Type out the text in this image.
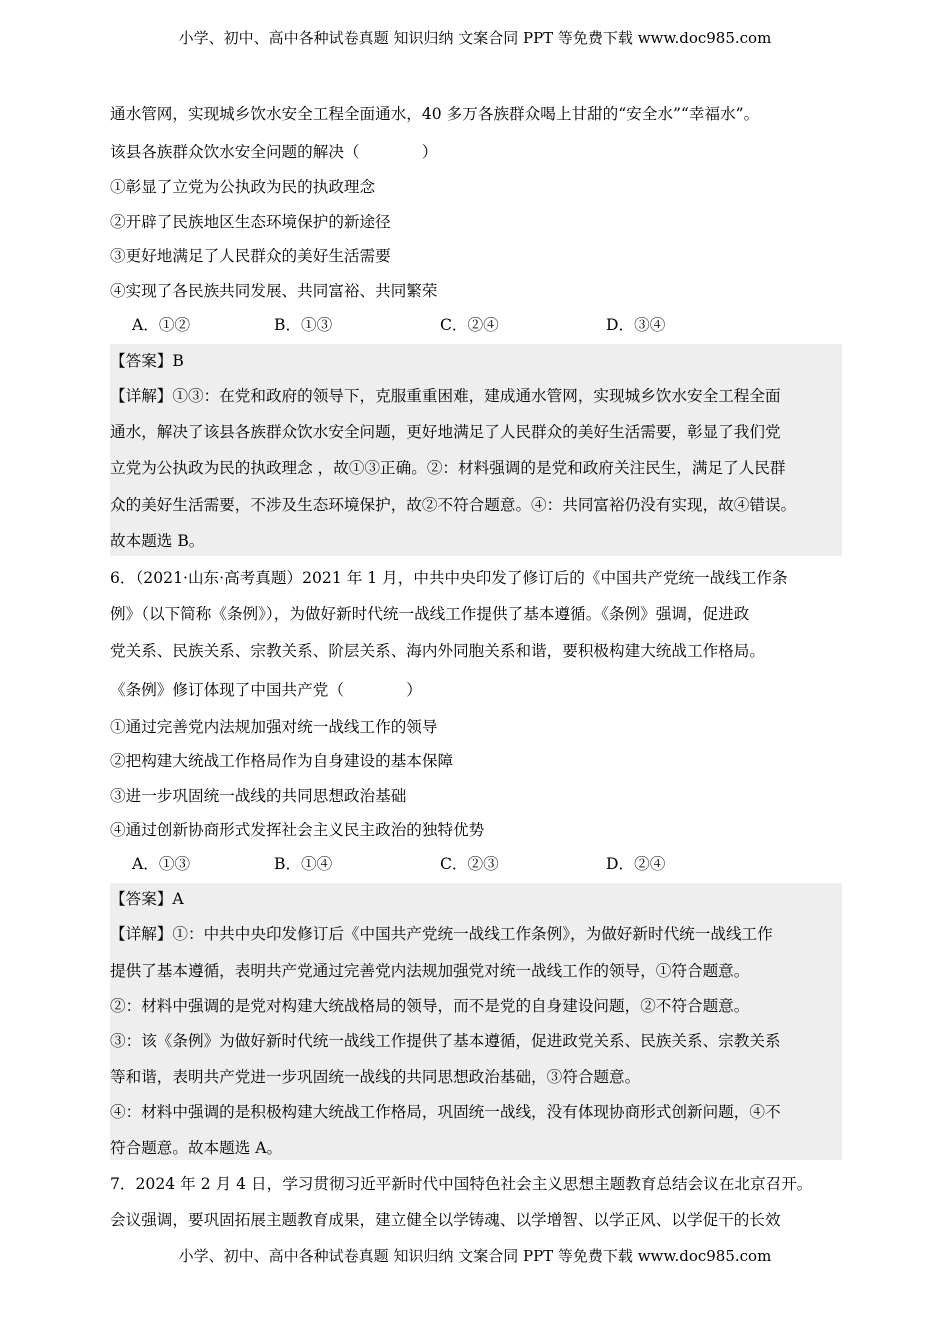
小学、初中、高中各种试卷真题 知识归纳 文案合同 PPT 等免费下载 www.doc985.com
通水管网，实现城乡饮水安全工程全面通水，40 多万各族群众喝上甘甜的“安全水”“幸福水”。
该县各族群众饮水安全问题的解决（　　　　）
①彰显了立党为公执政为民的执政理念
②开辟了民族地区生态环境保护的新途径
③更好地满足了人民群众的美好生活需要
④实现了各民族共同发展、共同富裕、共同繁荣
A．①②	B．①③	C．②④	D．③④
【答案】B
【详解】①③：在党和政府的领导下，克服重重困难，建成通水管网，实现城乡饮水安全工程全面
通水，解决了该县各族群众饮水安全问题，更好地满足了人民群众的美好生活需要，彰显了我们党
立党为公执政为民的执政理念 ，故①③正确。②：材料强调的是党和政府关注民生，满足了人民群
众的美好生活需要，不涉及生态环境保护，故②不符合题意。④：共同富裕仍没有实现，故④错误。
故本题选 B。
6．（2021·山东·高考真题）2021 年 1 月，中共中央印发了修订后的《中国共产党统一战线工作条
例》（以下简称《条例》），为做好新时代统一战线工作提供了基本遵循。《条例》强调，促进政
党关系、民族关系、宗教关系、阶层关系、海内外同胞关系和谐，要积极构建大统战工作格局。
《条例》修订体现了中国共产党（　　　　）
①通过完善党内法规加强对统一战线工作的领导
②把构建大统战工作格局作为自身建设的基本保障
③进一步巩固统一战线的共同思想政治基础
④通过创新协商形式发挥社会主义民主政治的独特优势
A．①③	B．①④	C．②③	D．②④
【答案】A
【详解】①：中共中央印发修订后《中国共产党统一战线工作条例》，为做好新时代统一战线工作
提供了基本遵循，表明共产党通过完善党内法规加强党对统一战线工作的领导，①符合题意。
②：材料中强调的是党对构建大统战格局的领导，而不是党的自身建设问题，②不符合题意。
③：该《条例》为做好新时代统一战线工作提供了基本遵循，促进政党关系、民族关系、宗教关系
等和谐，表明共产党进一步巩固统一战线的共同思想政治基础，③符合题意。
④：材料中强调的是积极构建大统战工作格局，巩固统一战线，没有体现协商形式创新问题，④不
符合题意。故本题选 A。
7．2024 年 2 月 4 日，学习贯彻习近平新时代中国特色社会主义思想主题教育总结会议在北京召开。
会议强调，要巩固拓展主题教育成果，建立健全以学铸魂、以学增智、以学正风、以学促干的长效
小学、初中、高中各种试卷真题 知识归纳 文案合同 PPT 等免费下载 www.doc985.com
